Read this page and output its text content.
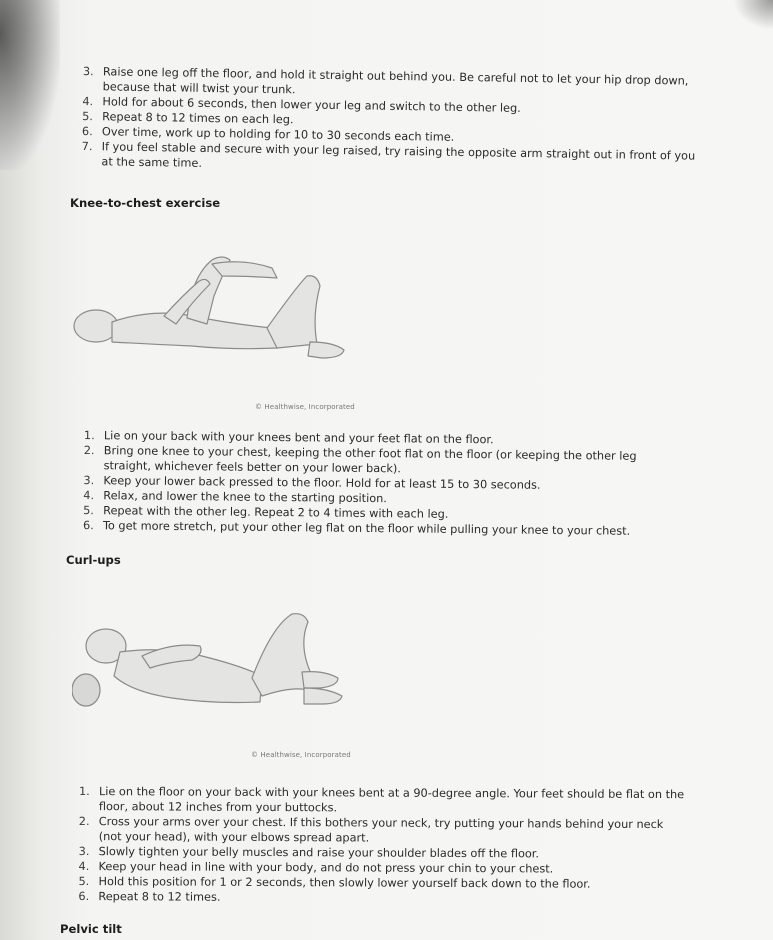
3. Raise one leg off the floor, and hold it straight out behind you. Be careful not to let your hip drop down, because that will twist your trunk.
4. Hold for about 6 seconds, then lower your leg and switch to the other leg.
5. Repeat 8 to 12 times on each leg.
6. Over time, work up to holding for 10 to 30 seconds each time.
7. If you feel stable and secure with your leg raised, try raising the opposite arm straight out in front of you at the same time.
Knee-to-chest exercise
© Healthwise, Incorporated
1. Lie on your back with your knees bent and your feet flat on the floor.
2. Bring one knee to your chest, keeping the other foot flat on the floor (or keeping the other leg straight, whichever feels better on your lower back).
3. Keep your lower back pressed to the floor. Hold for at least 15 to 30 seconds.
4. Relax, and lower the knee to the starting position.
5. Repeat with the other leg. Repeat 2 to 4 times with each leg.
6. To get more stretch, put your other leg flat on the floor while pulling your knee to your chest.
Curl-ups
© Healthwise, Incorporated
1. Lie on the floor on your back with your knees bent at a 90-degree angle. Your feet should be flat on the floor, about 12 inches from your buttocks.
2. Cross your arms over your chest. If this bothers your neck, try putting your hands behind your neck (not your head), with your elbows spread apart.
3. Slowly tighten your belly muscles and raise your shoulder blades off the floor.
4. Keep your head in line with your body, and do not press your chin to your chest.
5. Hold this position for 1 or 2 seconds, then slowly lower yourself back down to the floor.
6. Repeat 8 to 12 times.
Pelvic tilt
